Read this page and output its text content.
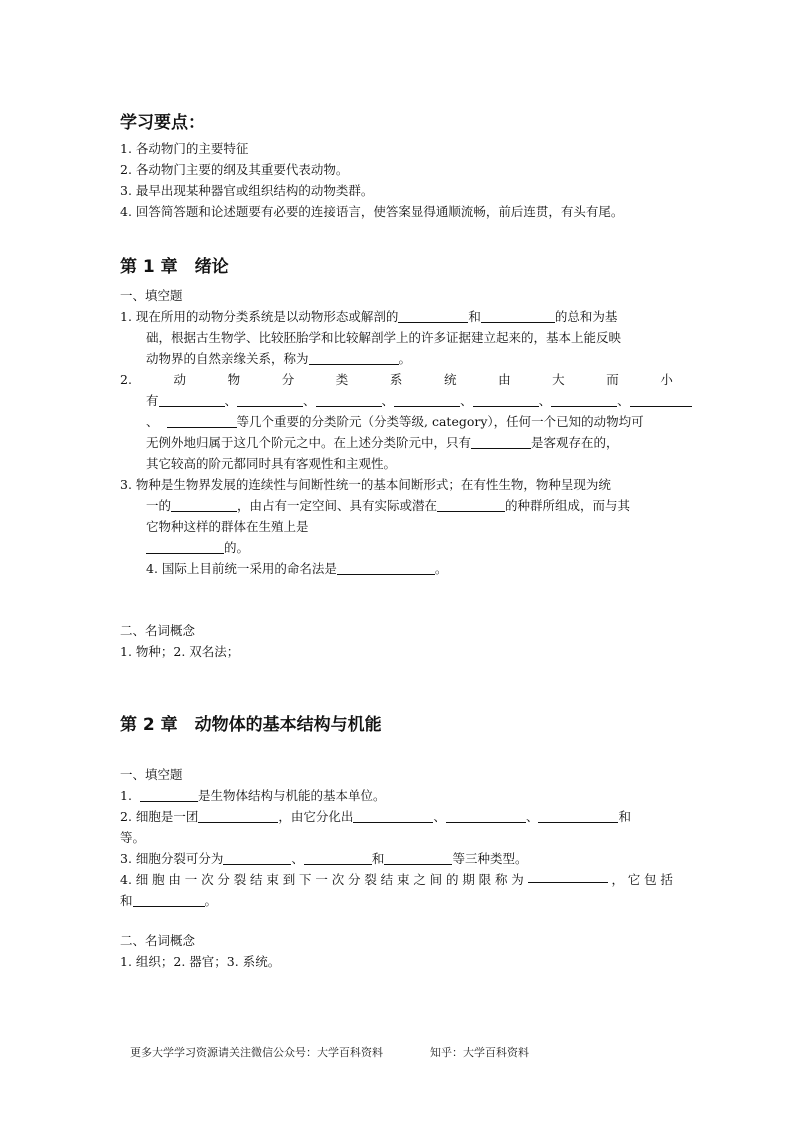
学习要点：
1. 各动物门的主要特征
2. 各动物门主要的纲及其重要代表动物。
3. 最早出现某种器官或组织结构的动物类群。
4. 回答简答题和论述题要有必要的连接语言，使答案显得通顺流畅，前后连贯，有头有尾。
第 1 章　绪论
一、填空题
1. 现在所用的动物分类系统是以动物形态或解剖的	和	的总和为基
础，根据古生物学、比较胚胎学和比较解剖学上的许多证据建立起来的，基本上能反映
动物界的自然亲缘关系，称为	。
2.	动	物	分	类	系	统	由	大	而	小
有	、	、	、	、	、	、
、	等几个重要的分类阶元（分类等级, category），任何一个已知的动物均可
无例外地归属于这几个阶元之中。在上述分类阶元中，只有	是客观存在的，
其它较高的阶元都同时具有客观性和主观性。
3. 物种是生物界发展的连续性与间断性统一的基本间断形式；在有性生物，物种呈现为统
一的	，由占有一定空间、具有实际或潜在	的种群所组成，而与其
它物种这样的群体在生殖上是
的。
4. 国际上目前统一采用的命名法是	。
二、名词概念
1. 物种；2. 双名法；
第 2 章　动物体的基本结构与机能
一、填空题
1.	是生物体结构与机能的基本单位。
2. 细胞是一团	，由它分化出	、	、	和
等。
3. 细胞分裂可分为	、	和	等三种类型。
4. 细 胞 由 一 次 分 裂 结 束 到 下 一 次 分 裂 结 束 之 间 的 期 限 称 为	， 它 包 括
和	。
二、名词概念
1. 组织；2. 器官；3. 系统。
更多大学学习资源请关注微信公众号：大学百科资料	知乎：大学百科资料
